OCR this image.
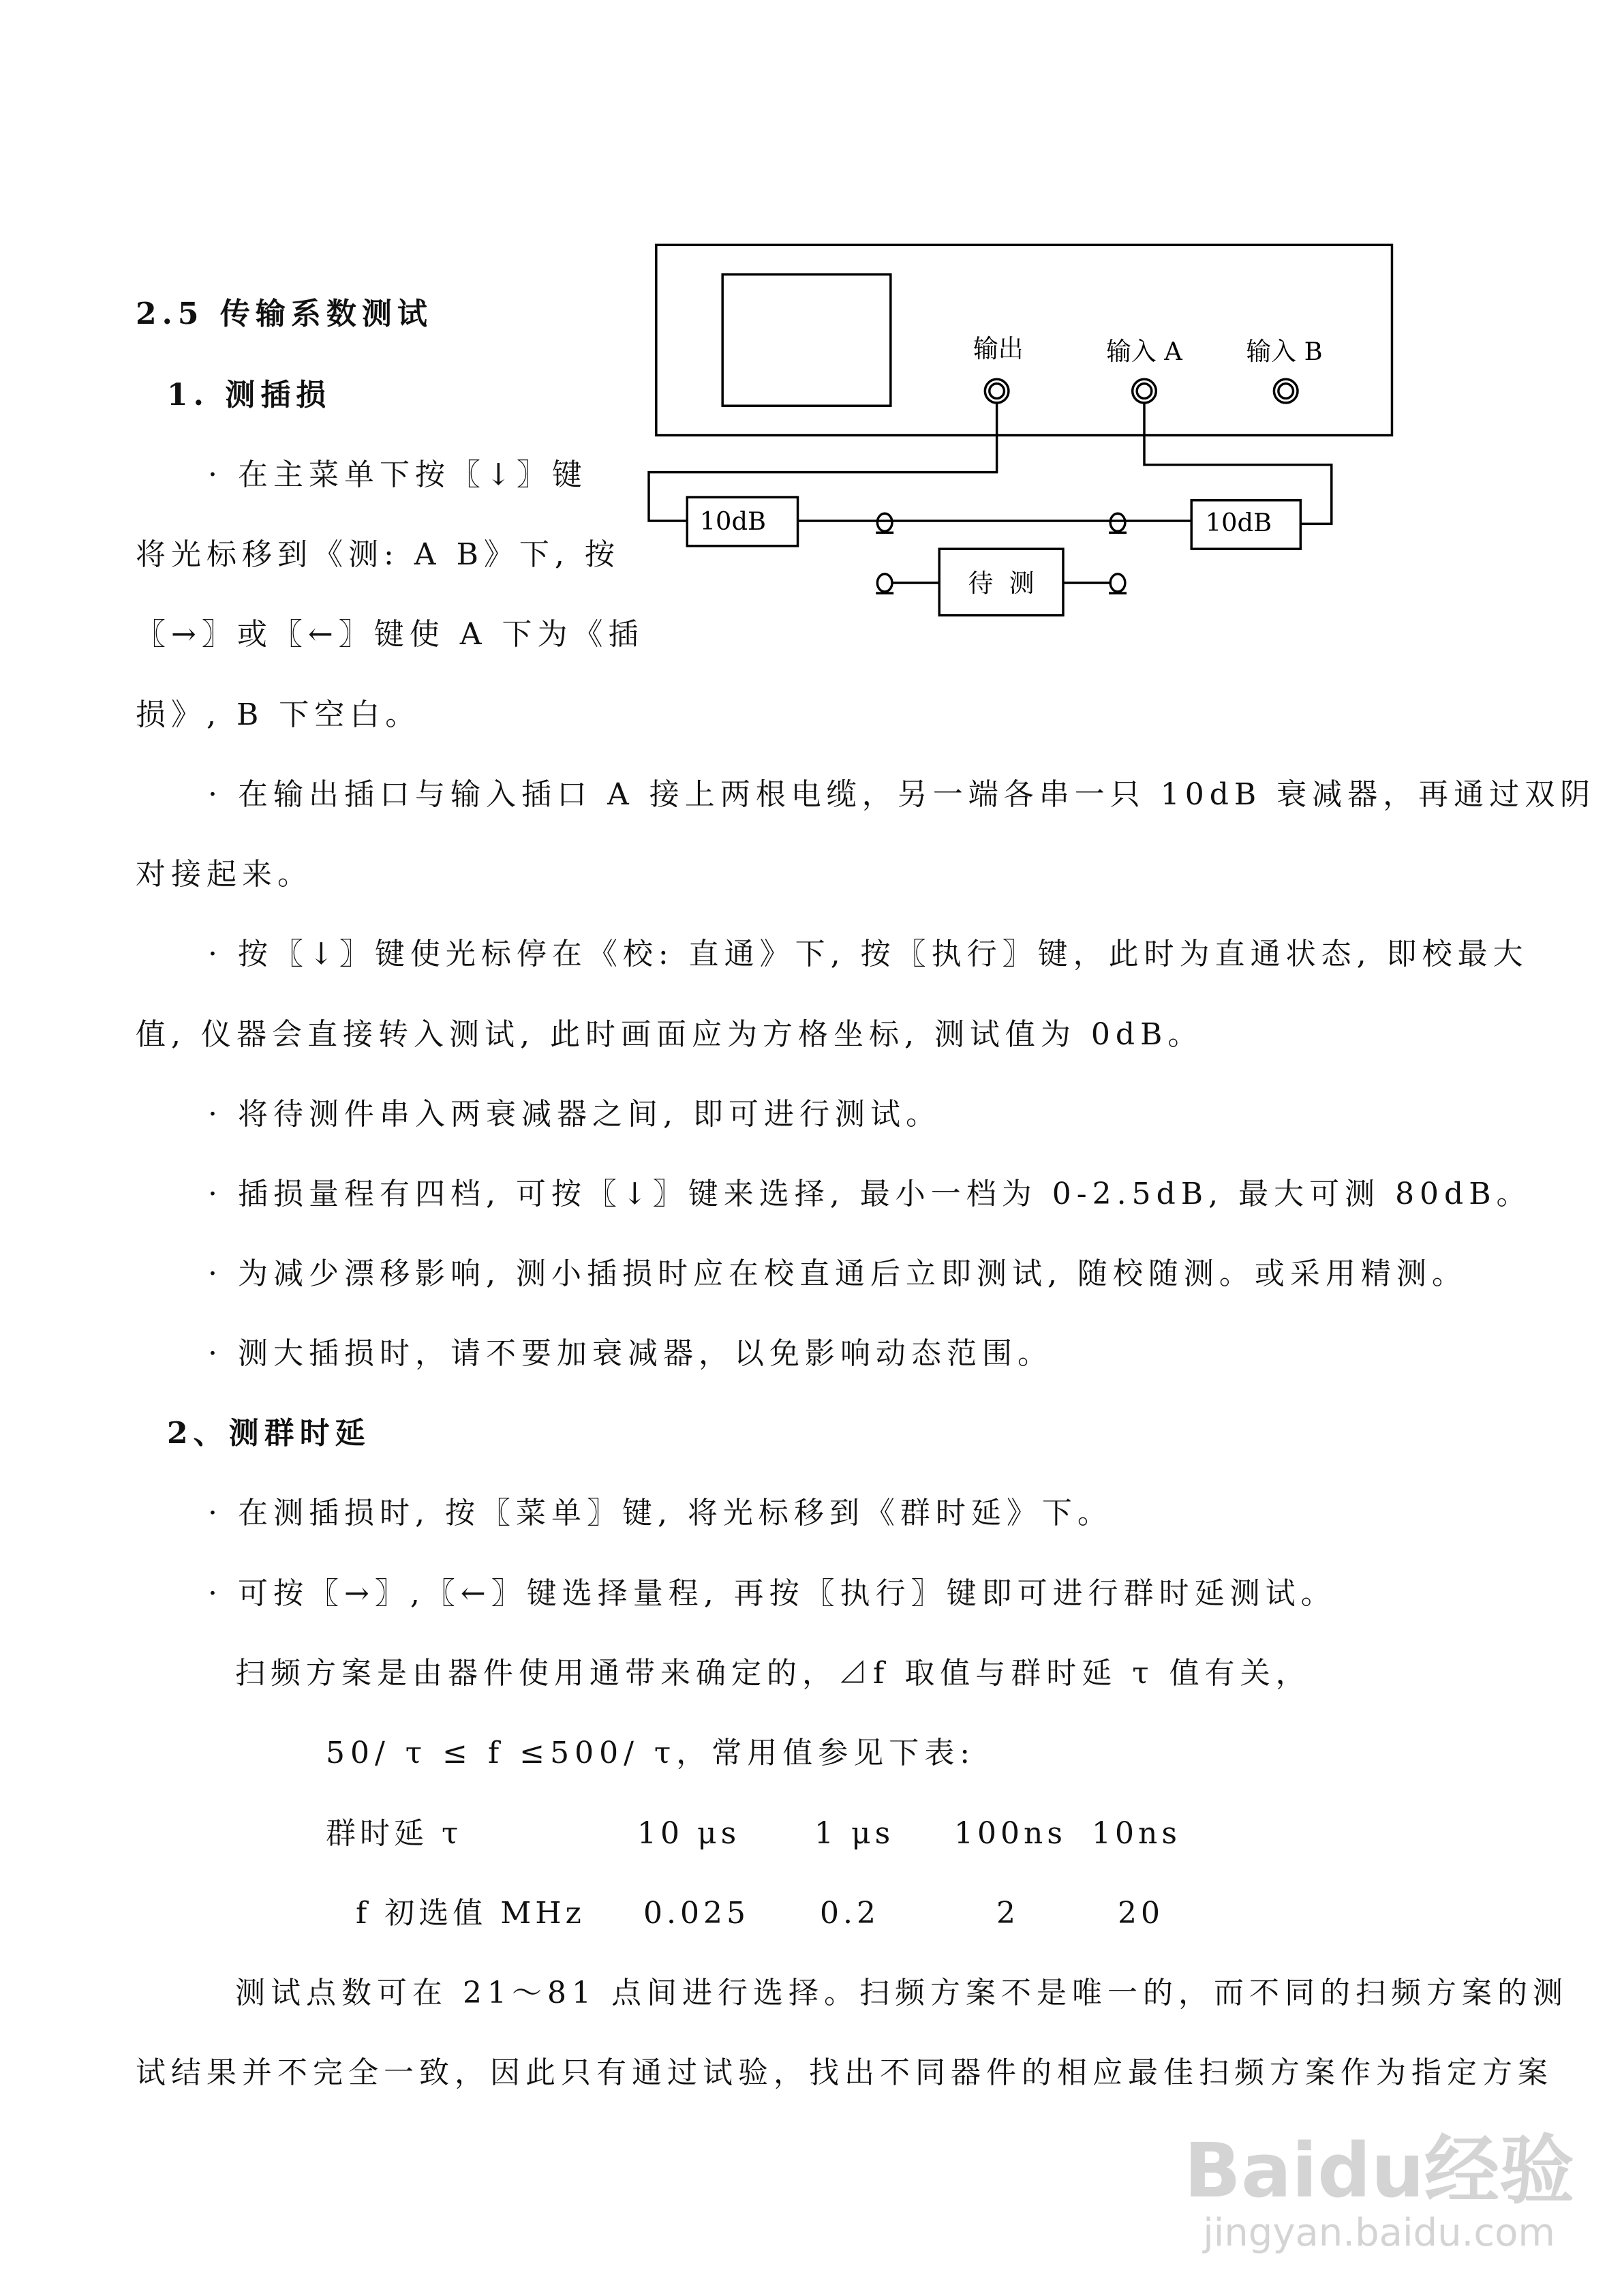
输出	输入 A	输入 B
10dB	10dB
待  测
2.5 传输系数测试
1. 测插损
· 在主菜单下按〖↓〗键
将光标移到《测: A B》下, 按
〖→〗或〖←〗键使 A 下为《插
损》, B 下空白。
· 在输出插口与输入插口 A 接上两根电缆，另一端各串一只 10dB 衰减器，再通过双阴
对接起来。
· 按〖↓〗键使光标停在《校: 直通》下, 按〖执行〗键，此时为直通状态, 即校最大
值, 仪器会直接转入测试, 此时画面应为方格坐标, 测试值为 0dB。
· 将待测件串入两衰减器之间, 即可进行测试。
· 插损量程有四档, 可按〖↓〗键来选择, 最小一档为 0-2.5dB, 最大可测 80dB。
· 为减少漂移影响, 测小插损时应在校直通后立即测试, 随校随测。或采用精测。
· 测大插损时，请不要加衰减器，以免影响动态范围。
2、测群时延
· 在测插损时, 按〖菜单〗键, 将光标移到《群时延》下。
· 可按〖→〗,〖←〗键选择量程, 再按〖执行〗键即可进行群时延测试。
扫频方案是由器件使用通带来确定的，⊿f 取值与群时延 τ 值有关，
50/ τ ≤ f ≤500/ τ，常用值参见下表:
群时延 τ	10 μs 1 μs 100ns 10ns
f 初选值 MHz 0.025 0.2	2	20
测试点数可在 21～81 点间进行选择。扫频方案不是唯一的，而不同的扫频方案的测
试结果并不完全一致，因此只有通过试验，找出不同器件的相应最佳扫频方案作为指定方案
Baidu经验
jingyan.baidu.com
